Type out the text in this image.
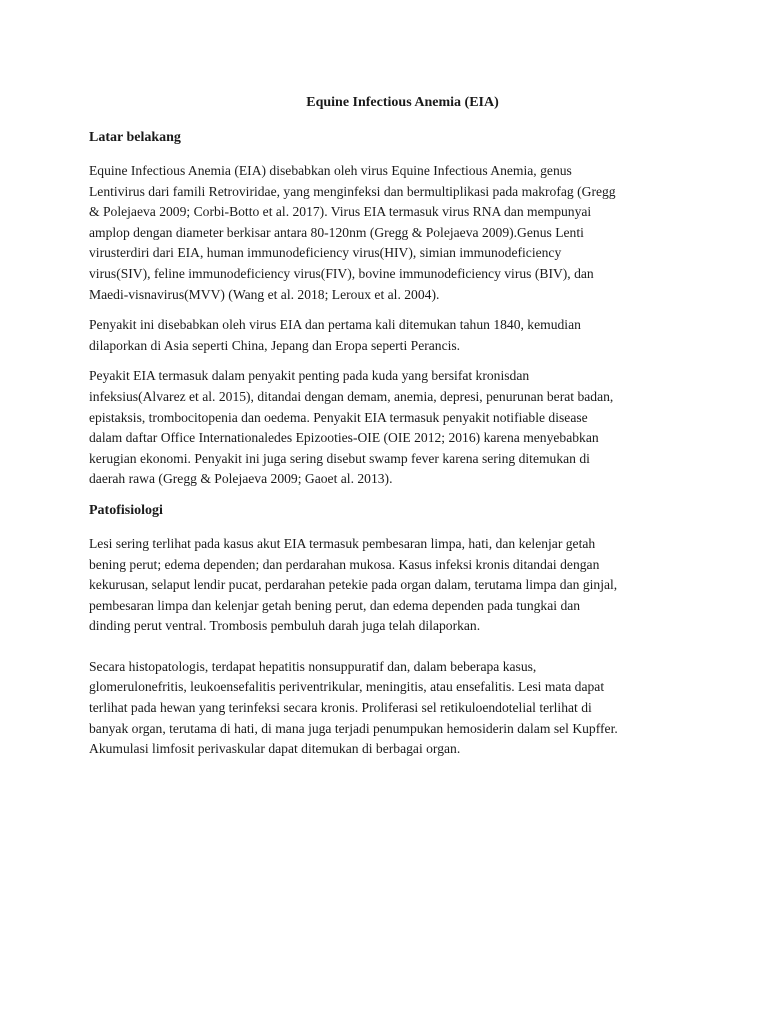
Equine Infectious Anemia (EIA)
Latar belakang

Equine Infectious Anemia (EIA) disebabkan oleh virus Equine Infectious Anemia, genus
Lentivirus dari famili Retroviridae, yang menginfeksi dan bermultiplikasi pada makrofag (Gregg
& Polejaeva 2009; Corbi-Botto et al. 2017). Virus EIA termasuk virus RNA dan mempunyai
amplop dengan diameter berkisar antara 80-120nm (Gregg & Polejaeva 2009).Genus Lenti
virusterdiri dari EIA, human immunodeficiency virus(HIV), simian immunodeficiency
virus(SIV), feline immunodeficiency virus(FIV), bovine immunodeficiency virus (BIV), dan
Maedi-visnavirus(MVV) (Wang et al. 2018; Leroux et al. 2004).

Penyakit ini disebabkan oleh virus EIA dan pertama kali ditemukan tahun 1840, kemudian
dilaporkan di Asia seperti China, Jepang dan Eropa seperti Perancis.

Peyakit EIA termasuk dalam penyakit penting pada kuda yang bersifat kronisdan
infeksius(Alvarez et al. 2015), ditandai dengan demam, anemia, depresi, penurunan berat badan,
epistaksis, trombocitopenia dan oedema. Penyakit EIA termasuk penyakit notifiable disease
dalam daftar Office Internationaledes Epizooties-OIE (OIE 2012; 2016) karena menyebabkan
kerugian ekonomi. Penyakit ini juga sering disebut swamp fever karena sering ditemukan di
daerah rawa (Gregg & Polejaeva 2009; Gaoet al. 2013).

Patofisiologi

Lesi sering terlihat pada kasus akut EIA termasuk pembesaran limpa, hati, dan kelenjar getah
bening perut; edema dependen; dan perdarahan mukosa. Kasus infeksi kronis ditandai dengan
kekurusan, selaput lendir pucat, perdarahan petekie pada organ dalam, terutama limpa dan ginjal,
pembesaran limpa dan kelenjar getah bening perut, dan edema dependen pada tungkai dan
dinding perut ventral. Trombosis pembuluh darah juga telah dilaporkan.

Secara histopatologis, terdapat hepatitis nonsuppuratif dan, dalam beberapa kasus,
glomerulonefritis, leukoensefalitis periventrikular, meningitis, atau ensefalitis. Lesi mata dapat
terlihat pada hewan yang terinfeksi secara kronis. Proliferasi sel retikuloendotelial terlihat di
banyak organ, terutama di hati, di mana juga terjadi penumpukan hemosiderin dalam sel Kupffer.
Akumulasi limfosit perivaskular dapat ditemukan di berbagai organ.
